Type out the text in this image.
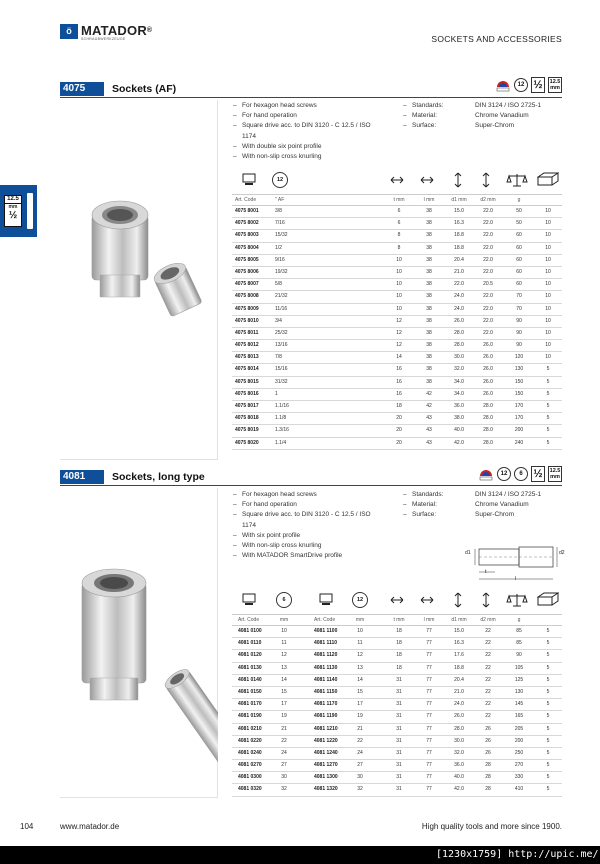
ö MATADOR®
SCHRAUBWERKZEUGE	SOCKETS AND ACCESSORIES
12.5
mm
½
4075	Sockets (AF)	12 ½	12.5
mm
– For hexagon head screws
– For hand operation
– Square drive acc. to DIN 3120 - C 12.5 / ISO 1174
– With double six point profile
– With non-slip cross knurling
– Standards:	DIN 3124 / ISO 2725-1
– Material:	Chrome Vanadium
– Surface:	Super-Chrom
12
Art. Code	" AF	t mm	l mm	d1 mm	d2 mm	g
4075 8001	3/8	6	38	15.0	22.0	50	10
4075 8002	7/16	6	38	16.3	22.0	50	10
4075 8003	15/32	8	38	18.8	22.0	60	10
4075 8004	1/2	8	38	18.8	22.0	60	10
4075 8005	9/16	10	38	20.4	22.0	60	10
4075 8006	19/32	10	38	21.0	22.0	60	10
4075 8007	5/8	10	38	22.0	20.5	60	10
4075 8008	21/32	10	38	24.0	22.0	70	10
4075 8009	11/16	10	38	24.0	22.0	70	10
4075 8010	3/4	12	38	26.0	22.0	90	10
4075 8011	25/32	12	38	28.0	22.0	90	10
4075 8012	13/16	12	38	28.0	26.0	90	10
4075 8013	7/8	14	38	30.0	26.0	120	10
4075 8014	15/16	16	38	32.0	26.0	130	5
4075 8015	31/32	16	38	34.0	26.0	150	5
4075 8016	1	16	42	34.0	26.0	150	5
4075 8017	1.1/16	18	42	36.0	28.0	170	5
4075 8018	1.1/8	20	43	38.0	28.0	170	5
4075 8019	1.3/16	20	43	40.0	28.0	200	5
4075 8020	1.1/4	20	43	42.0	28.0	240	5
4081	Sockets, long type	12	6 ½	12.5
mm
– For hexagon head screws
– For hand operation
– Square drive acc. to DIN 3120 - C 12.5 / ISO 1174
– With six point profile
– With non-slip cross knurling
– With MATADOR SmartDrive profile
– Standards:	DIN 3124 / ISO 2725-1
– Material:	Chrome Vanadium
– Surface:	Super-Chrom
d1	d2
t
l
6	12
Art. Code	mm	Art. Code	mm	t mm	l mm	d1 mm	d2 mm	g
4081 0100	10	4081 1100	10	18	77	15.0	22	85	5
4081 0110	11	4081 1110	11	18	77	16.3	22	85	5
4081 0120	12	4081 1120	12	18	77	17.6	22	90	5
4081 0130	13	4081 1130	13	18	77	18.8	22	105	5
4081 0140	14	4081 1140	14	31	77	20.4	22	125	5
4081 0150	15	4081 1150	15	31	77	21.0	22	130	5
4081 0170	17	4081 1170	17	31	77	24.0	22	145	5
4081 0190	19	4081 1190	19	31	77	26.0	22	165	5
4081 0210	21	4081 1210	21	31	77	28.0	26	205	5
4081 0220	22	4081 1220	22	31	77	30.0	26	200	5
4081 0240	24	4081 1240	24	31	77	32.0	26	250	5
4081 0270	27	4081 1270	27	31	77	36.0	28	270	5
4081 0300	30	4081 1300	30	31	77	40.0	28	330	5
4081 0320	32	4081 1320	32	31	77	42.0	28	410	5
104	www.matador.de	High quality tools and more since 1900.
[1230x1759] http://upic.me/
